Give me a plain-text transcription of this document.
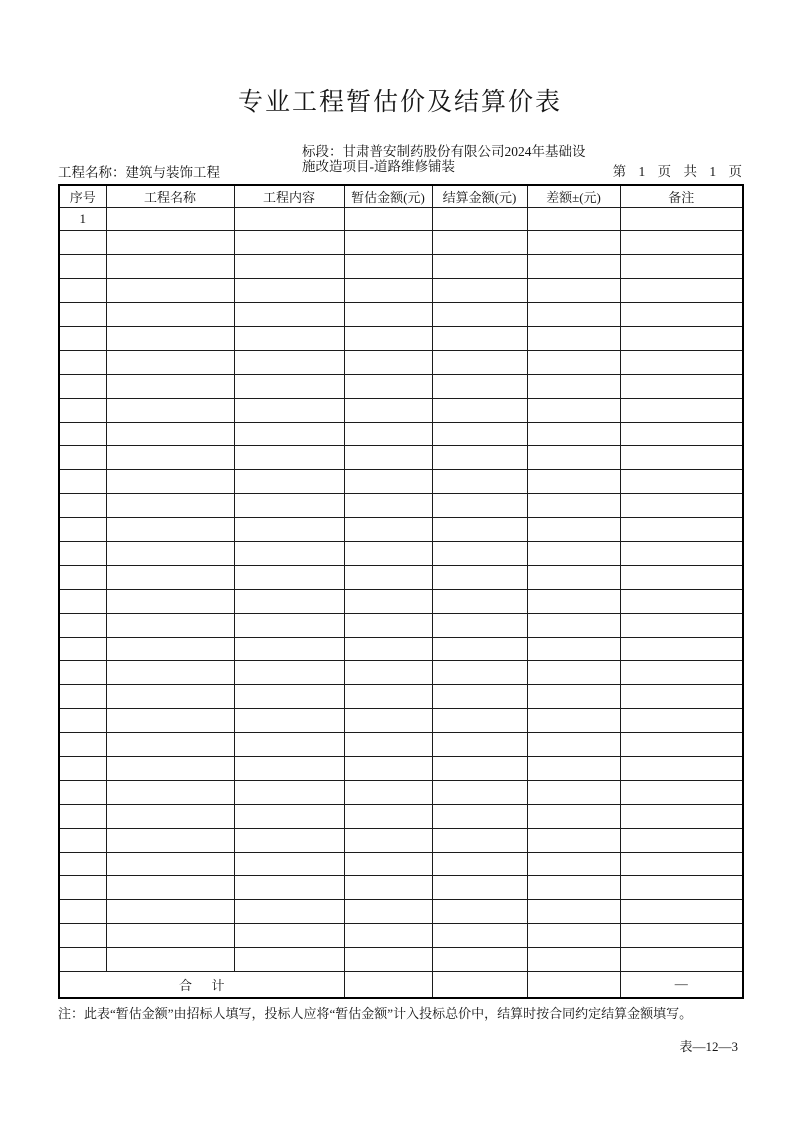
专业工程暂估价及结算价表
工程名称：建筑与装饰工程
标段：甘肃普安制药股份有限公司2024年基础设
施改造项目-道路维修铺装	第 1 页 共 1 页
序号	工程名称	工程内容	暂估金额(元)	结算金额(元)	差额±(元)	备注
1						

合      计						—
注：此表“暂估金额”由招标人填写，投标人应将“暂估金额”计入投标总价中，结算时按合同约定结算金额填写。
表—12—3
